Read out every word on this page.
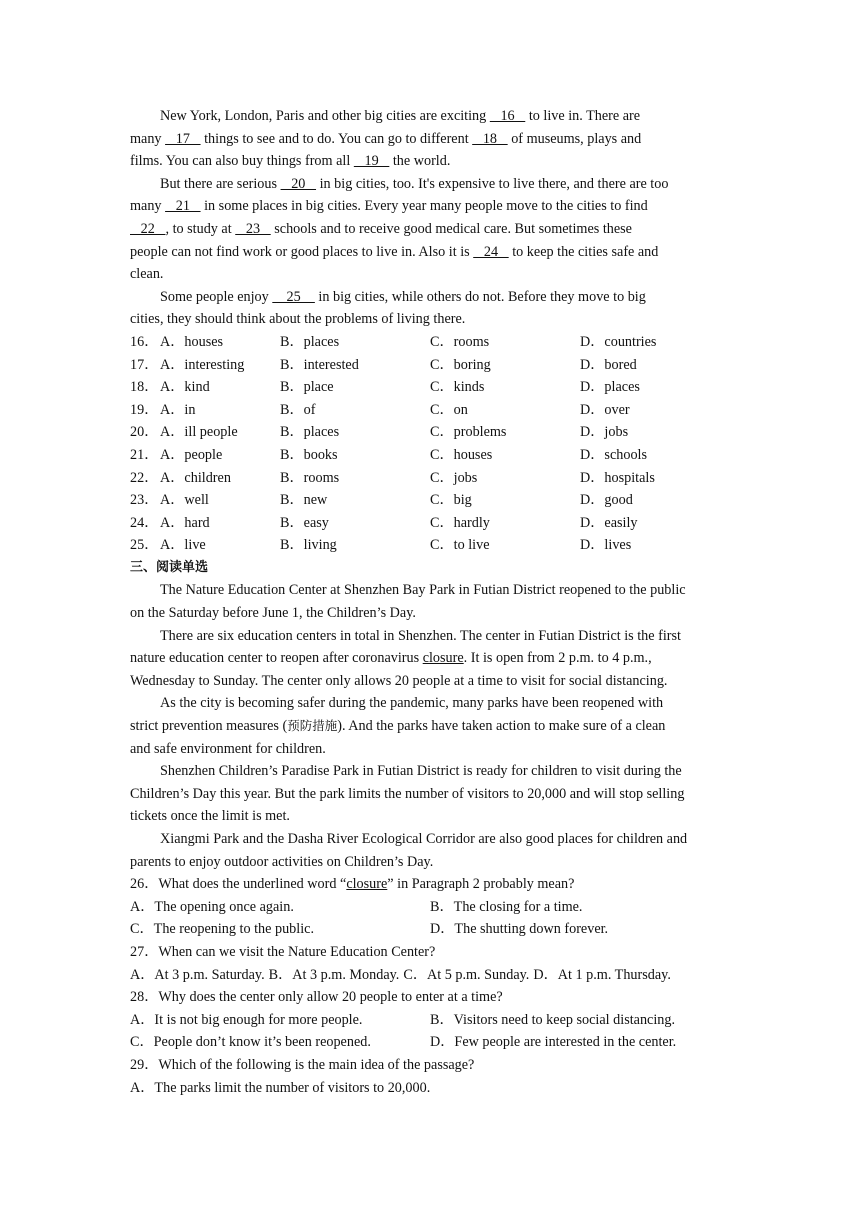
New York, London, Paris and other big cities are exciting    16    to live in. There are
many    17    things to see and to do. You can go to different    18    of museums, plays and
films. You can also buy things from all    19    the world.
But there are serious    20    in big cities, too. It's expensive to live there, and there are too
many    21    in some places in big cities. Every year many people move to the cities to find
22   , to study at    23    schools and to receive good medical care. But sometimes these
people can not find work or good places to live in. Also it is    24    to keep the cities safe and
clean.
Some people enjoy     25     in big cities, while others do not. Before they move to big
cities, they should think about the problems of living there.
16． A．houses	B．places	C．rooms	D．countries
17． A．interesting	B．interested	C．boring	D．bored
18． A．kind	B．place	C．kinds	D．places
19． A．in	B．of	C．on	D．over
20． A．ill people	B．places	C．problems	D．jobs
21． A．people	B．books	C．houses	D．schools
22． A．children	B．rooms	C．jobs	D．hospitals
23． A．well	B．new	C．big	D．good
24． A．hard	B．easy	C．hardly	D．easily
25． A．live	B．living	C．to live	D．lives
三、阅读单选
The Nature Education Center at Shenzhen Bay Park in Futian District reopened to the public
on the Saturday before June 1, the Children’s Day.
There are six education centers in total in Shenzhen. The center in Futian District is the first
nature education center to reopen after coronavirus closure. It is open from 2 p.m. to 4 p.m.,
Wednesday to Sunday. The center only allows 20 people at a time to visit for social distancing.
As the city is becoming safer during the pandemic, many parks have been reopened with
strict prevention measures (预防措施). And the parks have taken action to make sure of a clean
and safe environment for children.
Shenzhen Children’s Paradise Park in Futian District is ready for children to visit during the
Children’s Day this year. But the park limits the number of visitors to 20,000 and will stop selling
tickets once the limit is met.
Xiangmi Park and the Dasha River Ecological Corridor are also good places for children and
parents to enjoy outdoor activities on Children’s Day.
26．What does the underlined word “closure” in Paragraph 2 probably mean?
A．The opening once again.	B．The closing for a time.
C．The reopening to the public.	D．The shutting down forever.
27．When can we visit the Nature Education Center?
A．At 3 p.m. Saturday. B．At 3 p.m. Monday. C．At 5 p.m. Sunday. D．At 1 p.m. Thursday.
28．Why does the center only allow 20 people to enter at a time?
A．It is not big enough for more people.	B．Visitors need to keep social distancing.
C．People don’t know it’s been reopened.	D．Few people are interested in the center.
29．Which of the following is the main idea of the passage?
A．The parks limit the number of visitors to 20,000.
